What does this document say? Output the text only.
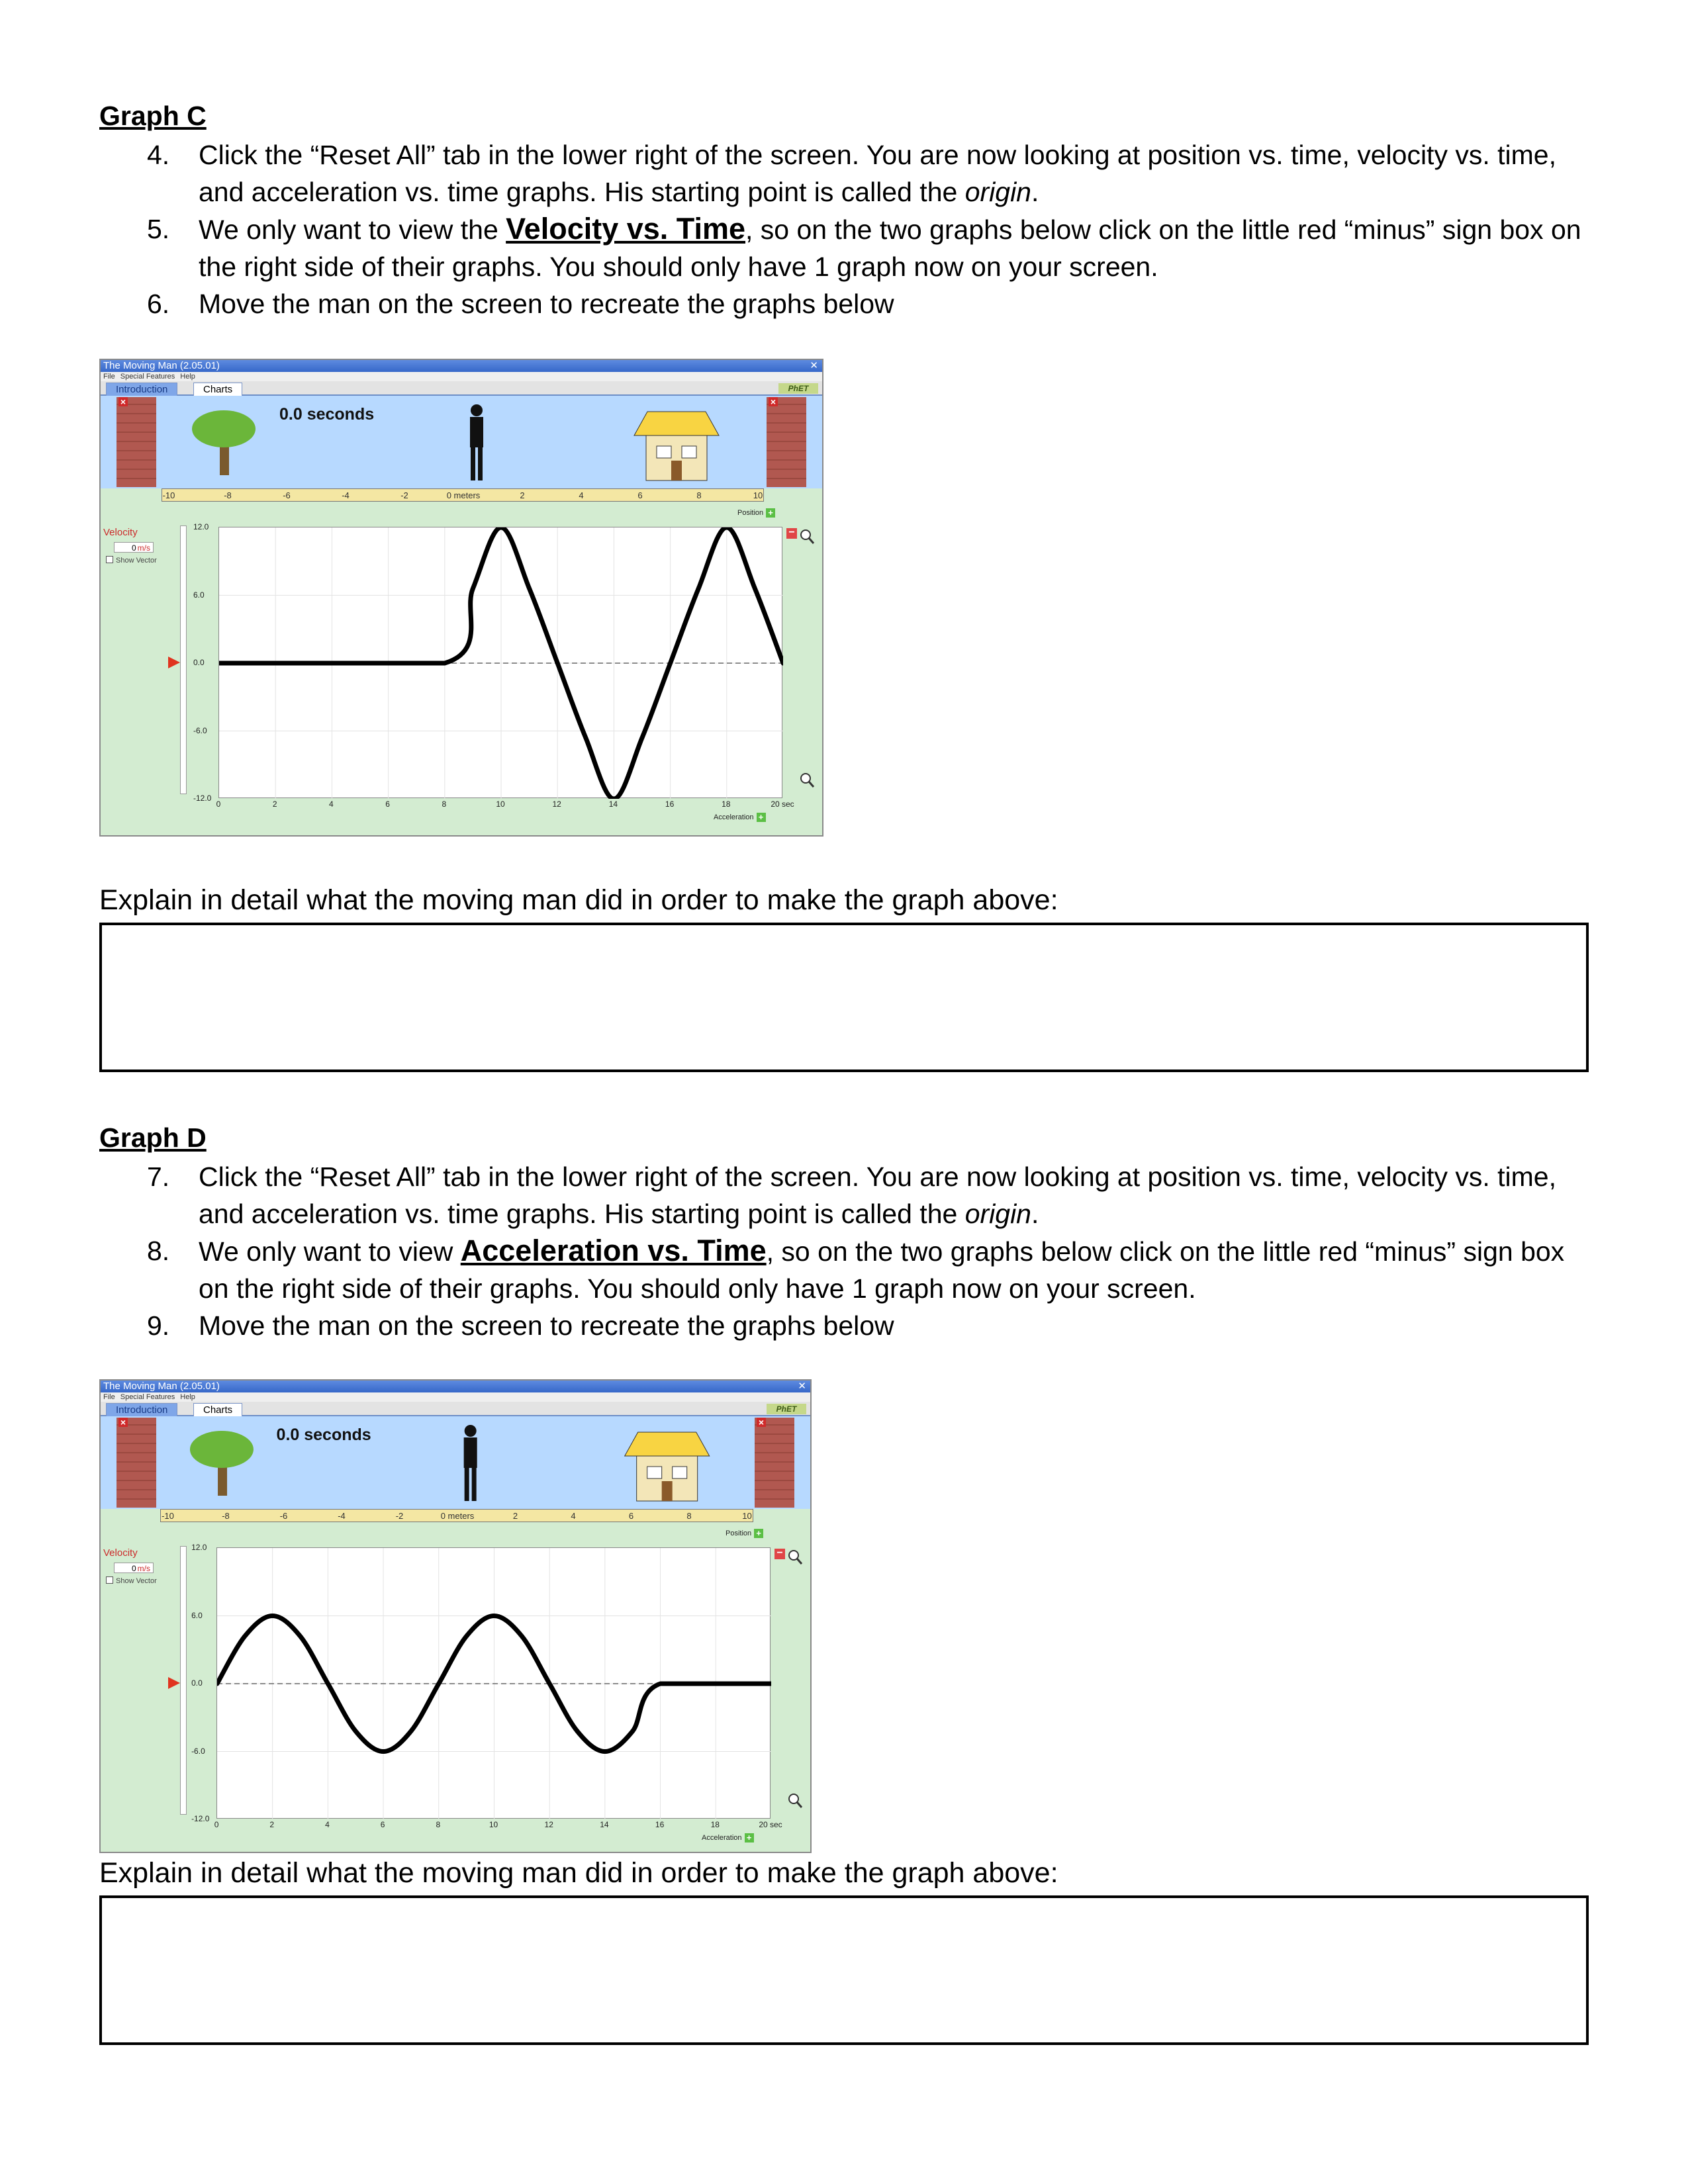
Graph C
4. Click the “Reset All” tab in the lower right of the screen. You are now looking at position vs. time, velocity vs. time, and acceleration vs. time graphs. His starting point is called the origin.
5. We only want to view the Velocity vs. Time, so on the two graphs below click on the little red “minus” sign box on the right side of their graphs. You should only have 1 graph now on your screen.
6. Move the man on the screen to recreate the graphs below
The Moving Man (2.05.01)	✕
File Special Features Help
Introduction	Charts	PhET
×	×
0.0 seconds
-10	-8	-6	-4	-2	0 meters	2	4	6	8	10
Position +
Velocity
0 m/s
Show Vector
12.0
6.0
0.0
-6.0
-12.0
0	2	4	6	8	10	12	14	16	18	20 sec
Acceleration +
−
Explain in detail what the moving man did in order to make the graph above:
Graph D
7. Click the “Reset All” tab in the lower right of the screen. You are now looking at position vs. time, velocity vs. time, and acceleration vs. time graphs. His starting point is called the origin.
8. We only want to view Acceleration vs. Time, so on the two graphs below click on the little red “minus” sign box on the right side of their graphs. You should only have 1 graph now on your screen.
9. Move the man on the screen to recreate the graphs below
The Moving Man (2.05.01)	✕
File Special Features Help
Introduction	Charts	PhET
×	×
0.0 seconds
-10	-8	-6	-4	-2	0 meters	2	4	6	8	10
Position +
Velocity
0 m/s
Show Vector
12.0
6.0
0.0
-6.0
-12.0
0	2	4	6	8	10	12	14	16	18	20 sec
Acceleration +
−
Explain in detail what the moving man did in order to make the graph above:
